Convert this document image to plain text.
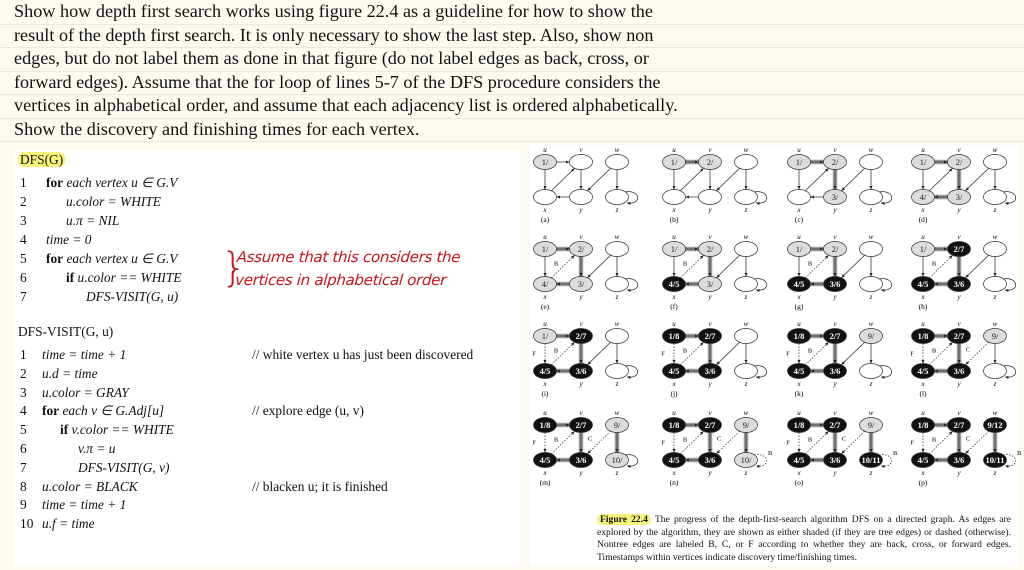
Show how depth first search works using figure 22.4 as a guideline for how to show the
result of the depth first search. It is only necessary to show the last step. Also, show non
edges, but do not label them as done in that figure (do not label edges as back, cross, or
forward edges). Assume that the for loop of lines 5-7 of the DFS procedure considers the
vertices in alphabetical order, and assume that each adjacency list is ordered alphabetically.
Show the discovery and finishing times for each vertex.
DFS(G)
1 for each vertex u ∈ G.V
2	u.color = WHITE
3	u.π = NIL
4 time = 0
5 for each vertex u ∈ G.V
6	if u.color == WHITE
7	DFS-VISIT(G, u)
}
Assume that this considers the
vertices in alphabetical order
DFS-VISIT(G, u)
1 time = time + 1	// white vertex u has just been discovered
2 u.d = time
3 u.color = GRAY
4 for each v ∈ G.Adj[u]	// explore edge (u, v)
5 if v.color == WHITE
6	v.π = u
7	DFS-VISIT(G, v)
8 u.color = BLACK	// blacken u; it is finished
9 time = time + 1
10 u.f = time
1/
u	v	w
x	y	z
(a)
1/
u
2/
v	w
x	y	z
(b)
1/
u
2/
v	w
x
3/
y	z
(c)
1/
u
2/
v	w
4/
x
3/
y	z
(d)
B
1/
u
2/
v	w
4/
x
3/
y	z
(e)
B
1/
u
2/
v	w
4/5
x
3/
y	z
(f)
B
1/
u
2/
v	w
4/5
x
3/6
y	z
(g)
B
1/
u
2/7
v	w
4/5
x
3/6
y	z
(h)
F	B
1/
u
2/7
v	w
4/5
x
3/6
y	z
(i)
F	B
1/8
u
2/7
v	w
4/5
x
3/6
y	z
(j)
F	B
1/8
u
2/7
v
9/
w
4/5
x
3/6
y	z
(k)
F	B	C
1/8
u
2/7
v
9/
w
4/5
x
3/6
y	z
(l)
F	B	C
1/8
u
2/7
v
9/
w
4/5
x
3/6
y
10/
z
(m)
F	B	C
B
1/8
u
2/7
v
9/
w
4/5
x
3/6
y
10/
z
(n)
F	B	C
B
1/8
u
2/7
v
9/
w
4/5
x
3/6
y
10/11
z
(o)
F	B	C
B
1/8
u
2/7
v
9/12
w
4/5
x
3/6
y
10/11
z
(p)
Figure 22.4 The progress of the depth-first-search algorithm DFS on a directed graph. As edges are explored by the algorithm, they are shown as either shaded (if they are tree edges) or dashed (otherwise). Nontree edges are labeled B, C, or F according to whether they are back, cross, or forward edges. Timestamps within vertices indicate discovery time/finishing times.
